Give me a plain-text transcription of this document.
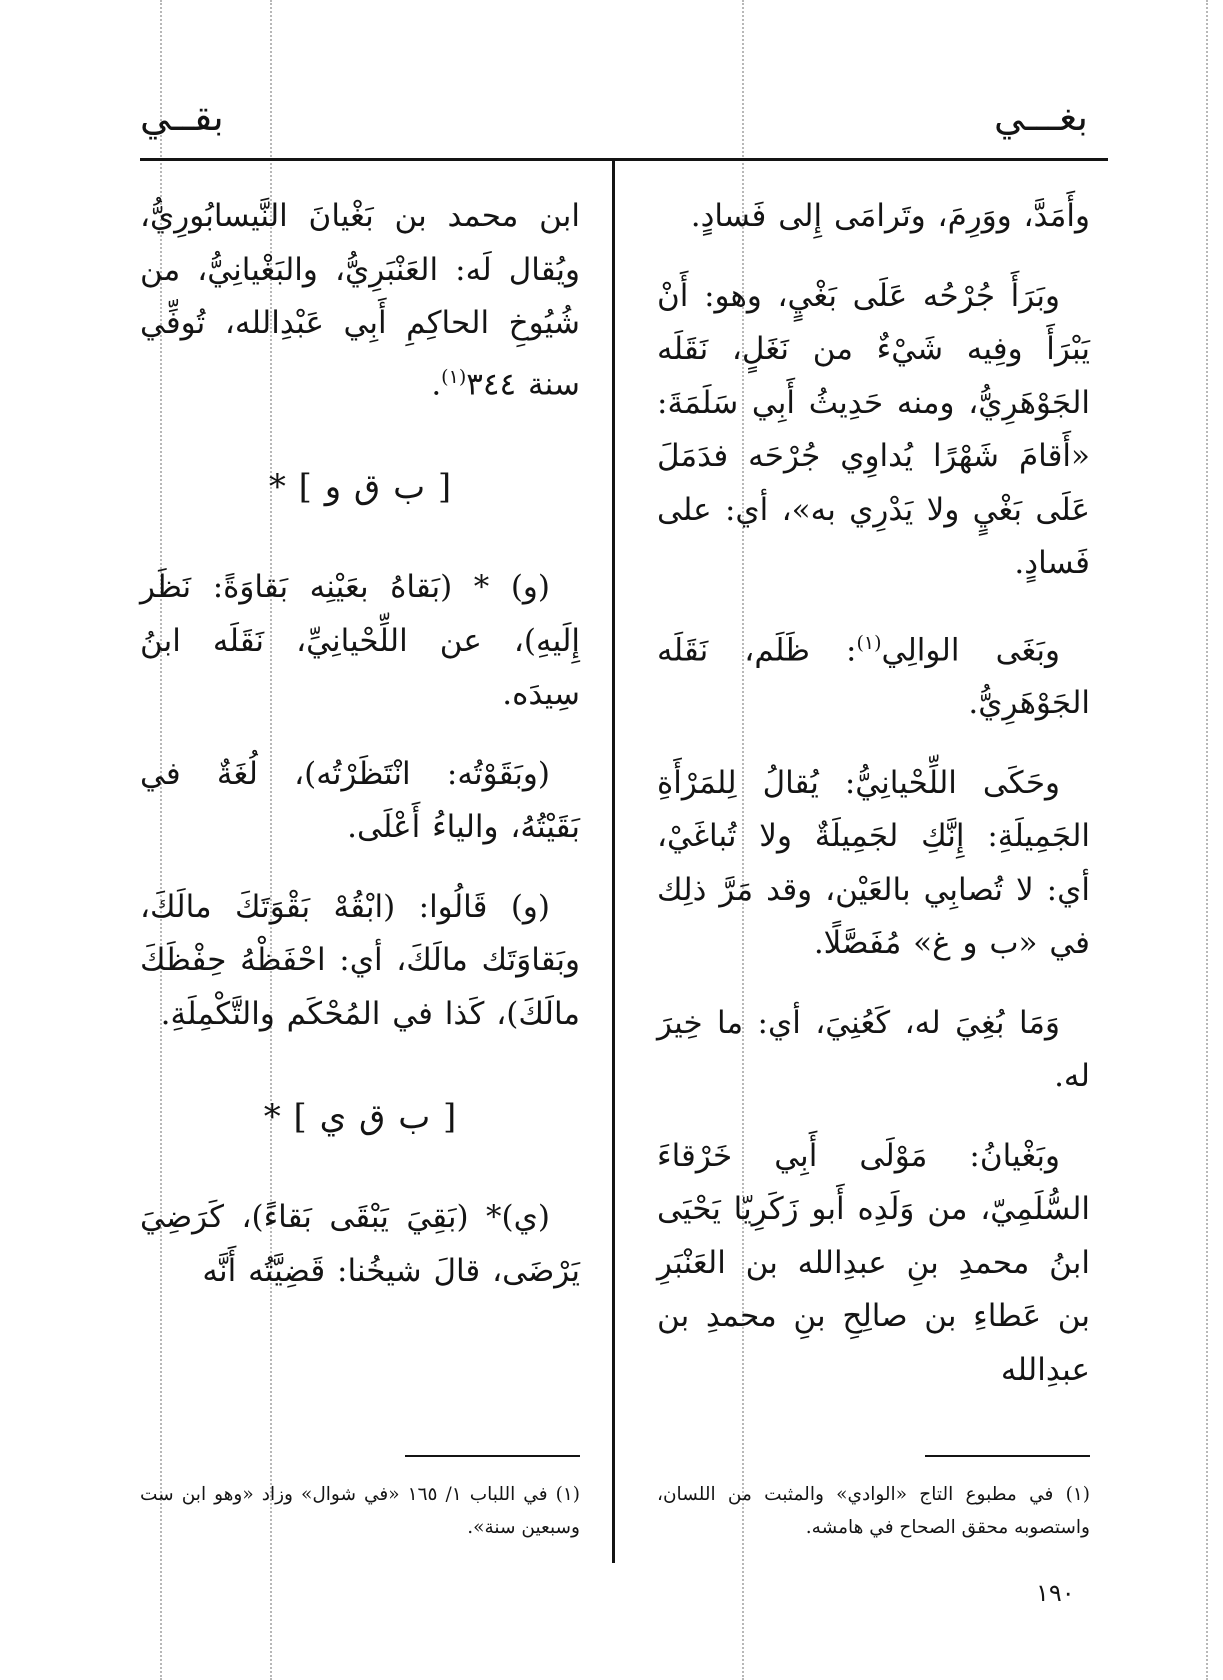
بغـــي
بقــي

وأَمَدَّ، ووَرِمَ، وتَرامَى إِلى فَسادٍ.

وبَرَأَ جُرْحُه عَلَى بَغْيٍ، وهو: أَنْ يَبْرَأَ وفِيه شَيْءٌ من نَغَلٍ، نَقَلَه الجَوْهَرِيُّ، ومنه حَدِيثُ أَبِي سَلَمَةَ: «أَقامَ شَهْرًا يُداوِي جُرْحَه فدَمَلَ عَلَى بَغْيٍ ولا يَدْرِي به»، أي: على فَسادٍ.

وبَغَى الوالِي$^{(١)}$: ظَلَم، نَقَلَه الجَوْهَرِيُّ.

وحَكَى اللِّحْيانِيُّ: يُقالُ لِلمَرْأَةِ الجَمِيلَةِ: إِنَّكِ لجَمِيلَةٌ ولا تُباغَيْ، أي: لا تُصابِي بالعَيْن، وقد مَرَّ ذلِك في «ب و غ» مُفَصَّلًا.

وَمَا بُغِيَ له، كَعُنِيَ، أي: ما خِيرَ له.

وبَغْيانُ: مَوْلَى أَبِي خَرْقاءَ السُّلَمِيّ، من وَلَدِه أَبو زَكَرِيّا يَحْيَى ابنُ محمدِ بنِ عبدِالله بن العَنْبَرِ بن عَطاءِ بن صالِحِ بنِ محمدِ بن عبدِالله

ابن محمد بن بَغْيانَ النَّيسابُورِيُّ، ويُقال لَه: العَنْبَرِيُّ، والبَغْيانِيُّ، من شُيُوخِ الحاكِمِ أَبِي عَبْدِالله، تُوفِّي سنة ٣٤٤$^{(١)}$.

[ ب ق و ] *

(و) * (بَقاهُ بعَيْنِه بَقاوَةً: نَظَر إِلَيهِ)، عن اللِّحْيانِيِّ، نَقَلَه ابنُ سِيدَه.

(وبَقَوْتُه: انْتَظَرْتُه)، لُغَةٌ في بَقَيْتُهُ، والياءُ أَعْلَى.

(و) قَالُوا: (ابْقُهْ بَقْوَتَكَ مالَكَ، وبَقاوَتَك مالَكَ، أي: احْفَظْهُ حِفْظَكَ مالَكَ)، كَذا في المُحْكَم والتَّكْمِلَةِ.

[ ب ق ي ] *

(ي)* (بَقِيَ يَبْقَى بَقاءً)، كَرَضِيَ يَرْضَى، قالَ شيخُنا: قَضِيَّتُه أَنَّه

(١) في مطبوع التاج «الوادي» والمثبت من اللسان، واستصوبه محقق الصحاح في هامشه.
(١) في اللباب ١/ ١٦٥ «في شوال» وزاد «وهو ابن ست وسبعين سنة».
١٩٠
